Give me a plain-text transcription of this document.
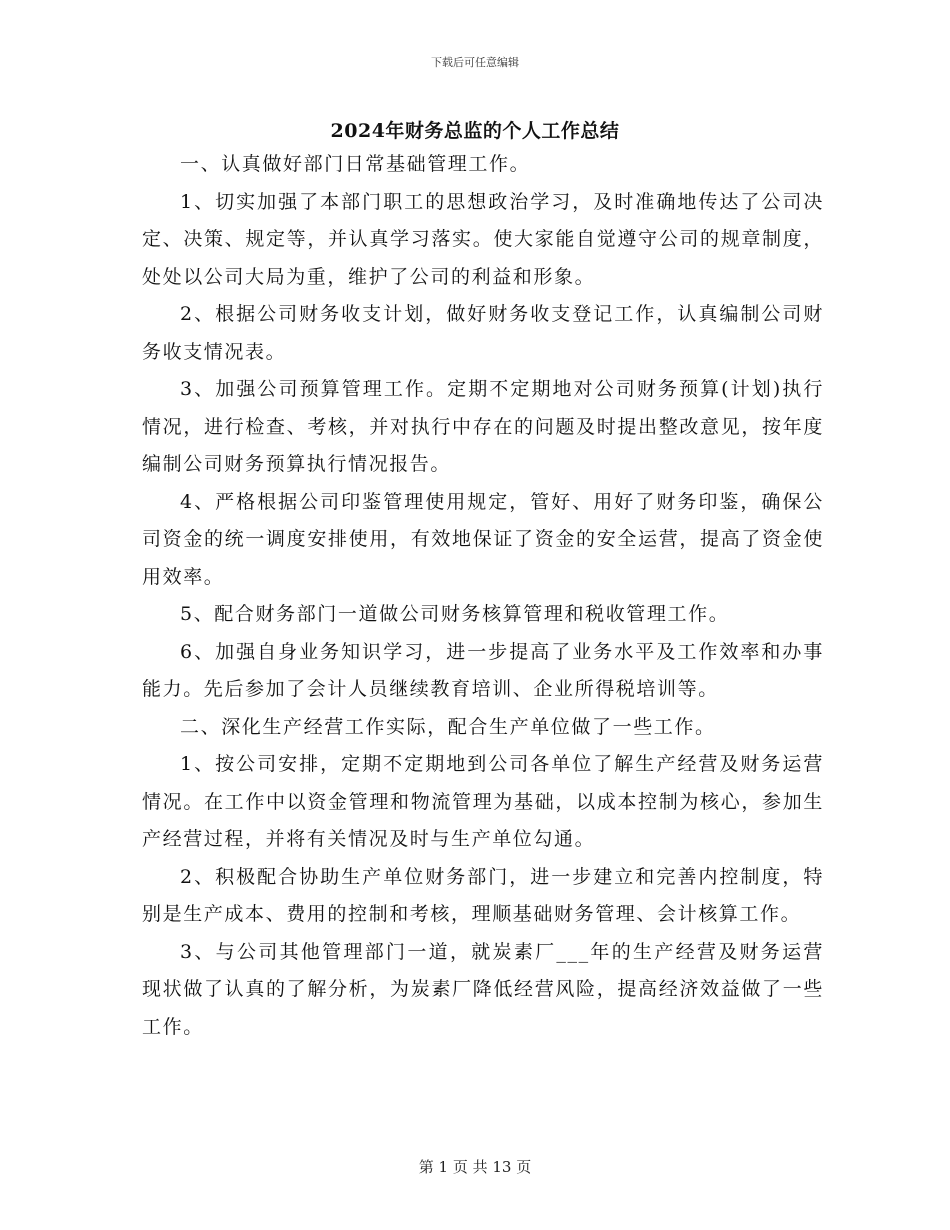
下载后可任意编辑
2024年财务总监的个人工作总结

一、认真做好部门日常基础管理工作。

1、切实加强了本部门职工的思想政治学习，及时准确地传达了公司决定、决策、规定等，并认真学习落实。使大家能自觉遵守公司的规章制度，处处以公司大局为重，维护了公司的利益和形象。

2、根据公司财务收支计划，做好财务收支登记工作，认真编制公司财务收支情况表。

3、加强公司预算管理工作。定期不定期地对公司财务预算(计划)执行情况，进行检查、考核，并对执行中存在的问题及时提出整改意见，按年度编制公司财务预算执行情况报告。

4、严格根据公司印鉴管理使用规定，管好、用好了财务印鉴，确保公司资金的统一调度安排使用，有效地保证了资金的安全运营，提高了资金使用效率。

5、配合财务部门一道做公司财务核算管理和税收管理工作。

6、加强自身业务知识学习，进一步提高了业务水平及工作效率和办事能力。先后参加了会计人员继续教育培训、企业所得税培训等。

二、深化生产经营工作实际，配合生产单位做了一些工作。

1、按公司安排，定期不定期地到公司各单位了解生产经营及财务运营情况。在工作中以资金管理和物流管理为基础，以成本控制为核心，参加生产经营过程，并将有关情况及时与生产单位勾通。

2、积极配合协助生产单位财务部门，进一步建立和完善内控制度，特别是生产成本、费用的控制和考核，理顺基础财务管理、会计核算工作。

3、与公司其他管理部门一道，就炭素厂___年的生产经营及财务运营现状做了认真的了解分析，为炭素厂降低经营风险，提高经济效益做了一些工作。

第 1 页 共 13 页
